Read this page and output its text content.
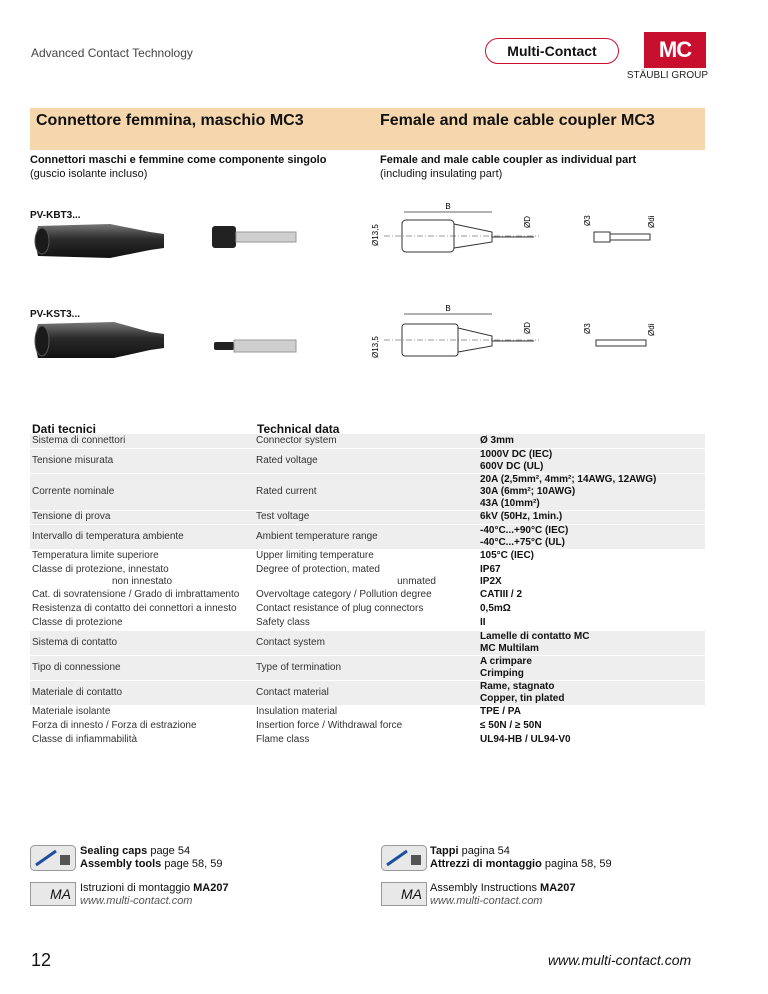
Advanced Contact Technology	Multi-Contact	MC
STÄUBLI GROUP
Connettore femmina, maschio MC3	Female and male cable coupler MC3
Connettori maschi e femmine come componente singolo
(guscio isolante incluso)
Female and male cable coupler as individual part
(including insulating part)
PV-KBT3...
B
Ø13,5
ØD	Ø3	Ødi
PV-KST3...
B
Ø13,5
ØD	Ø3	Ødi
Dati tecnici	Technical data
Sistema di connettori	Connector system	Ø 3mm
Tensione misurata	Rated voltage	1000V DC (IEC)
600V DC (UL)
Corrente nominale	Rated current	20A (2,5mm², 4mm²; 14AWG, 12AWG)
30A (6mm²; 10AWG)
43A (10mm²)
Tensione di prova	Test voltage	6kV (50Hz, 1min.)
Intervallo di temperatura ambiente	Ambient temperature range	-40°C...+90°C (IEC)
-40°C...+75°C (UL)
Temperatura limite superiore	Upper limiting temperature	105°C (IEC)
Classe di protezione, innestato
non innestato	Degree of protection, mated
unmated	IP67
IP2X
Cat. di sovratensione / Grado di imbrattamento	Overvoltage category / Pollution degree	CATIII / 2
Resistenza di contatto dei connettori a innesto	Contact resistance of plug connectors	0,5mΩ
Classe di protezione	Safety class	II
Sistema di contatto	Contact system	Lamelle di contatto MC
MC Multilam
Tipo di connessione	Type of termination	A crimpare
Crimping
Materiale di contatto	Contact material	Rame, stagnato
Copper, tin plated
Materiale isolante	Insulation material	TPE / PA
Forza di innesto / Forza di estrazione	Insertion force / Withdrawal force	≤ 50N / ≥ 50N
Classe di infiammabilità	Flame class	UL94-HB / UL94-V0
Tappi pagina 54
Attrezzi di montaggio pagina 58, 59
Sealing caps page 54
Assembly tools page 58, 59
MA Istruzioni di montaggio MA207
www.multi-contact.com	MA Assembly Instructions MA207
www.multi-contact.com
12	www.multi-contact.com
